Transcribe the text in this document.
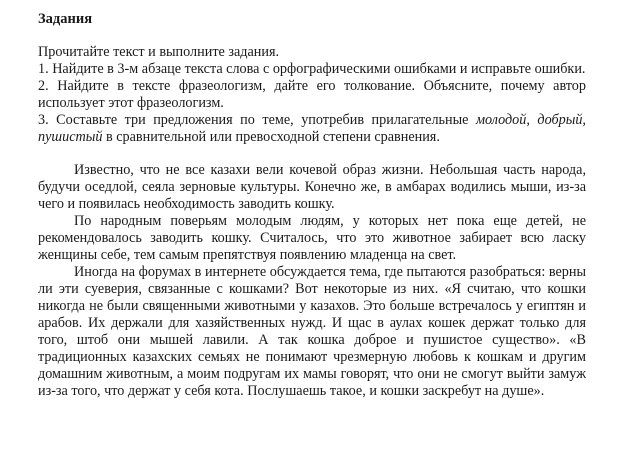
Задания
Прочитайте текст и выполните задания.
1. Найдите в 3-м абзаце текста слова с орфографическими ошибками и исправьте ошибки.
2. Найдите в тексте фразеологизм, дайте его толкование. Объясните, почему автор использует этот фразеологизм.
3. Составьте три предложения по теме, употребив прилагательные молодой, добрый, пушистый в сравнительной или превосходной степени сравнения.

Известно, что не все казахи вели кочевой образ жизни. Небольшая часть народа, будучи оседлой, сеяла зерновые культуры. Конечно же, в амбарах водились мыши, из-за чего и появилась необходимость заводить кошку.

По народным поверьям молодым людям, у которых нет пока еще детей, не рекомендовалось заводить кошку. Считалось, что это животное забирает всю ласку женщины себе, тем самым препятствуя появлению младенца на свет.

Иногда на форумах в интернете обсуждается тема, где пытаются разобраться: верны ли эти суеверия, связанные с кошками? Вот некоторые из них. «Я считаю, что кошки никогда не были священными животными у казахов. Это больше встречалось у египтян и арабов. Их держали для хазяйственных нужд. И щас в аулах кошек держат только для того, штоб они мышей лавили. А так кошка доброе и пушистое существо». «В традиционных казахских семьях не понимают чрезмерную любовь к кошкам и другим домашним животным, а моим подругам их мамы говорят, что они не смогут выйти замуж из-за того, что держат у себя кота. Послушаешь такое, и кошки заскребут на душе».
